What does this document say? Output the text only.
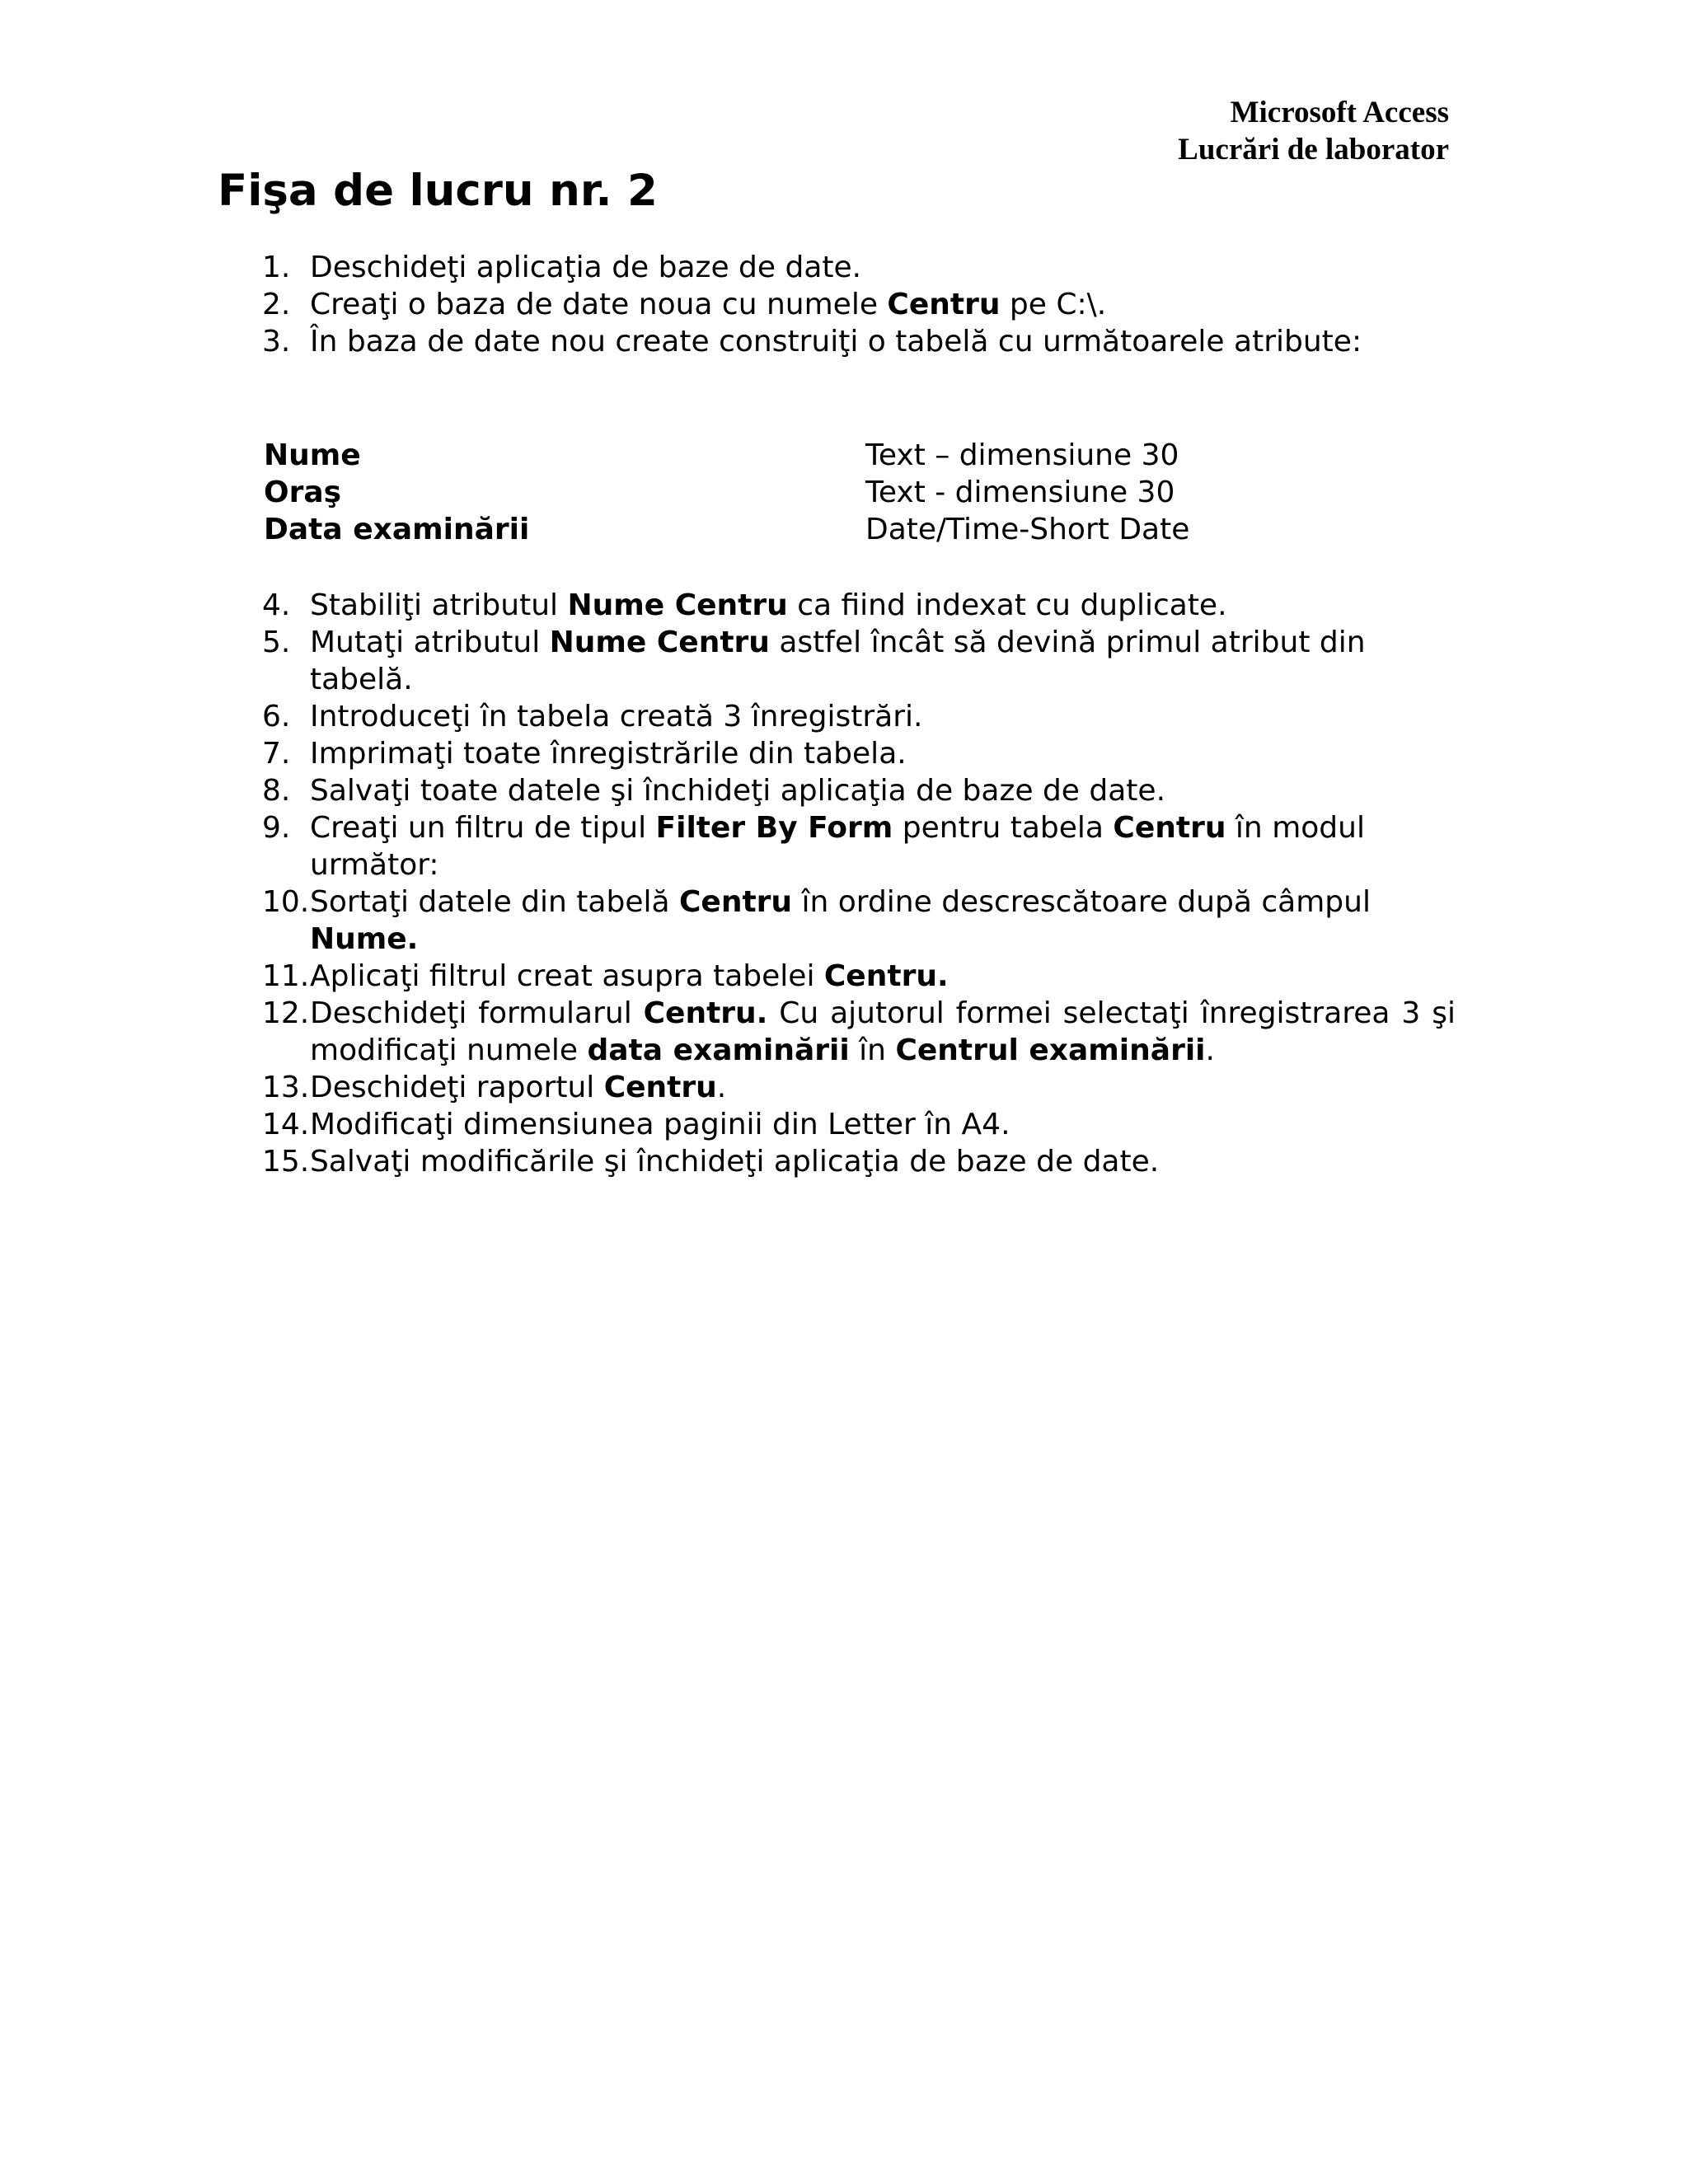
Microsoft Access
Lucrări de laborator
Fişa de lucru nr. 2
1. Deschideţi aplicaţia de baze de date.
2. Creaţi o baza de date noua cu numele Centru pe C:\.
3. În baza de date nou create construiţi o tabelă cu următoarele atribute:
Nume	Text – dimensiune 30
Oraş	Text - dimensiune 30
Data examinării	Date/Time-Short Date
4. Stabiliţi atributul Nume Centru ca fiind indexat cu duplicate.
5. Mutaţi atributul Nume Centru astfel încât să devină primul atribut din tabelă.
6. Introduceţi în tabela creată 3 înregistrări.
7. Imprimaţi toate înregistrările din tabela.
8. Salvaţi toate datele şi închideţi aplicaţia de baze de date.
9. Creaţi un filtru de tipul Filter By Form pentru tabela Centru în modul următor:
10. Sortaţi datele din tabelă Centru în ordine descrescătoare după câmpul Nume.
11. Aplicaţi filtrul creat asupra tabelei Centru.
12. Deschideţi formularul Centru. Cu ajutorul formei selectaţi înregistrarea 3 şi modificaţi numele data examinării în Centrul examinării.
13. Deschideţi raportul Centru.
14. Modificaţi dimensiunea paginii din Letter în A4.
15. Salvaţi modificările şi închideţi aplicaţia de baze de date.
